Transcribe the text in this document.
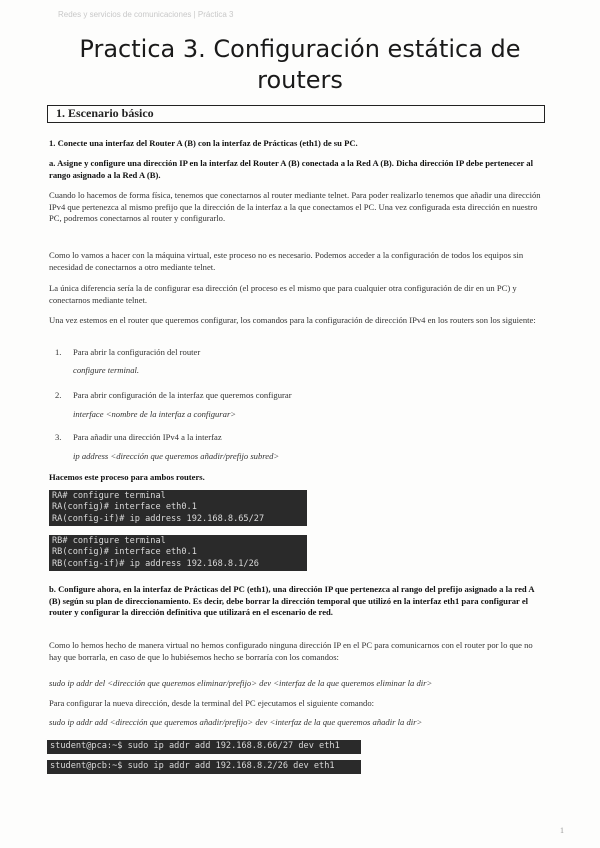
Redes y servicios de comunicaciones | Práctica 3
Practica 3. Configuración estática de
routers
1. Escenario básico
1. Conecte una interfaz del Router A (B) con la interfaz de Prácticas (eth1) de su PC.
a. Asigne y configure una dirección IP en la interfaz del Router A (B) conectada a la Red A (B). Dicha dirección IP debe pertenecer al rango asignado a la Red A (B).
Cuando lo hacemos de forma física, tenemos que conectarnos al router mediante telnet. Para poder realizarlo tenemos que añadir una dirección IPv4 que pertenezca al mismo prefijo que la dirección de la interfaz a la que conectamos el PC. Una vez configurada esta dirección en nuestro PC, podremos conectarnos al router y configurarlo.
Como lo vamos a hacer con la máquina virtual, este proceso no es necesario. Podemos acceder a la configuración de todos los equipos sin necesidad de conectarnos a otro mediante telnet.
La única diferencia sería la de configurar esa dirección (el proceso es el mismo que para cualquier otra configuración de dir en un PC) y conectarnos mediante telnet.
Una vez estemos en el router que queremos configurar, los comandos para la configuración de dirección IPv4 en los routers son los siguiente:
1. Para abrir la configuración del router
configure terminal.
2. Para abrir configuración de la interfaz que queremos configurar
interface <nombre de la interfaz a configurar>
3. Para añadir una dirección IPv4 a la interfaz
ip address <dirección que queremos añadir/prefijo subred>
Hacemos este proceso para ambos routers.
RA# configure terminal
RA(config)# interface eth0.1
RA(config-if)# ip address 192.168.8.65/27
RB# configure terminal
RB(config)# interface eth0.1
RB(config-if)# ip address 192.168.8.1/26
b. Configure ahora, en la interfaz de Prácticas del PC (eth1), una dirección IP que pertenezca al rango del prefijo asignado a la red A (B) según su plan de direccionamiento. Es decir, debe borrar la dirección temporal que utilizó en la interfaz eth1 para configurar el router y configurar la dirección definitiva que utilizará en el escenario de red.
Como lo hemos hecho de manera virtual no hemos configurado ninguna dirección IP en el PC para comunicarnos con el router por lo que no hay que borrarla, en caso de que lo hubiésemos hecho se borraría con los comandos:
sudo ip addr del <dirección que queremos eliminar/prefijo> dev <interfaz de la que queremos eliminar la dir>
Para configurar la nueva dirección, desde la terminal del PC ejecutamos el siguiente comando:
sudo ip addr add <dirección que queremos añadir/prefijo> dev <interfaz de la que queremos añadir la dir>
student@pca:~$ sudo ip addr add 192.168.8.66/27 dev eth1
student@pcb:~$ sudo ip addr add 192.168.8.2/26 dev eth1
1
